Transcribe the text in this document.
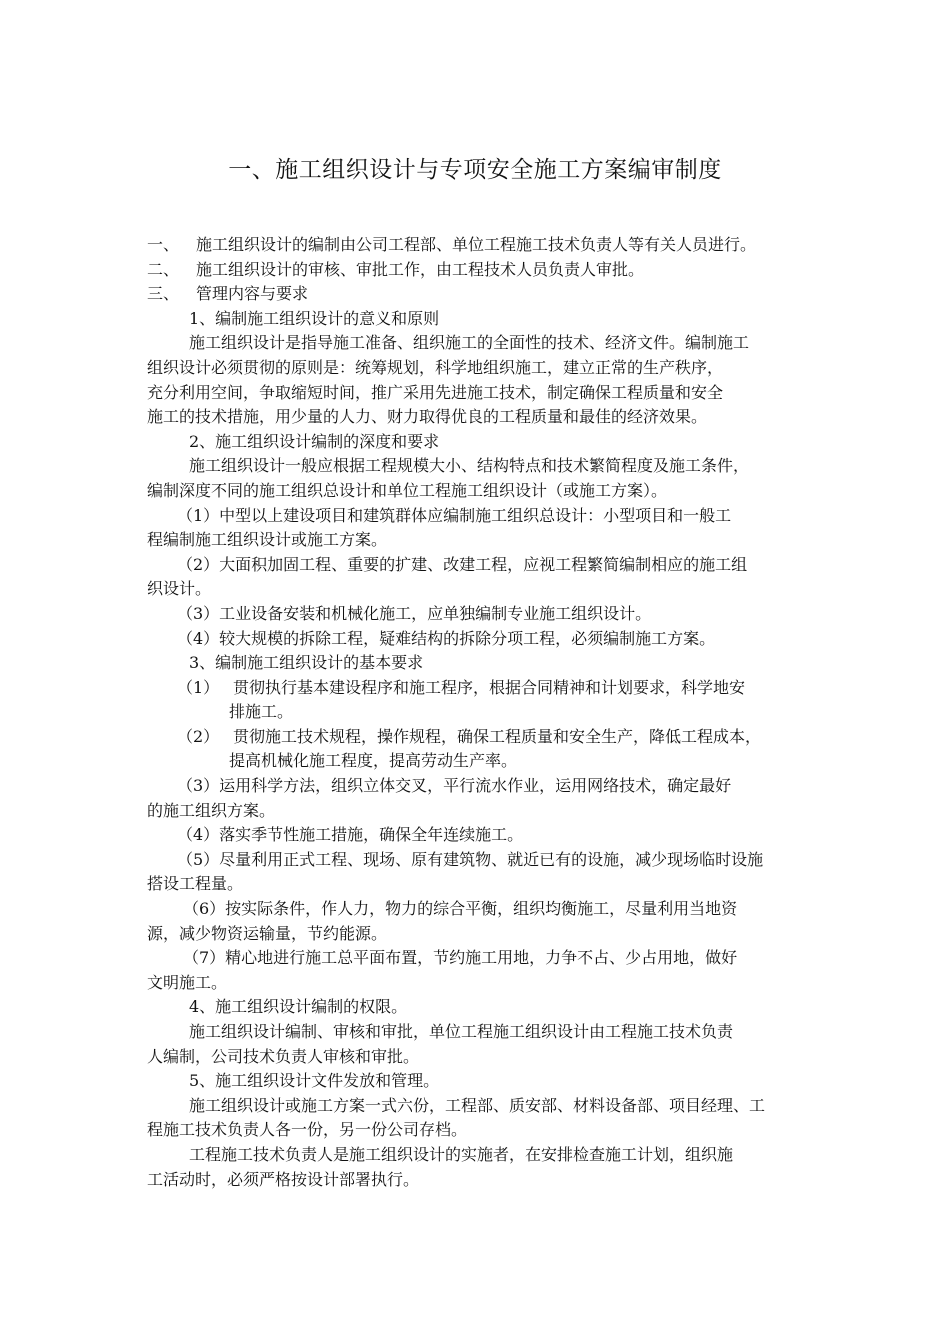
一、施工组织设计与专项安全施工方案编审制度
一、 施工组织设计的编制由公司工程部、单位工程施工技术负责人等有关人员进行。
二、 施工组织设计的审核、审批工作，由工程技术人员负责人审批。
三、 管理内容与要求
1、编制施工组织设计的意义和原则
施工组织设计是指导施工准备、组织施工的全面性的技术、经济文件。编制施工
组织设计必须贯彻的原则是：统筹规划，科学地组织施工，建立正常的生产秩序，
充分利用空间，争取缩短时间，推广采用先进施工技术，制定确保工程质量和安全
施工的技术措施，用少量的人力、财力取得优良的工程质量和最佳的经济效果。
2、施工组织设计编制的深度和要求
施工组织设计一般应根据工程规模大小、结构特点和技术繁简程度及施工条件，
编制深度不同的施工组织总设计和单位工程施工组织设计（或施工方案）。
（1）中型以上建设项目和建筑群体应编制施工组织总设计：小型项目和一般工
程编制施工组织设计或施工方案。
（2）大面积加固工程、重要的扩建、改建工程，应视工程繁简编制相应的施工组
织设计。
（3）工业设备安装和机械化施工，应单独编制专业施工组织设计。
（4）较大规模的拆除工程，疑难结构的拆除分项工程，必须编制施工方案。
3、编制施工组织设计的基本要求
（1） 贯彻执行基本建设程序和施工程序，根据合同精神和计划要求，科学地安
排施工。
（2） 贯彻施工技术规程，操作规程，确保工程质量和安全生产，降低工程成本，
提高机械化施工程度，提高劳动生产率。
（3）运用科学方法，组织立体交叉，平行流水作业，运用网络技术，确定最好
的施工组织方案。
（4）落实季节性施工措施，确保全年连续施工。
（5）尽量利用正式工程、现场、原有建筑物、就近已有的设施，减少现场临时设施
搭设工程量。
（6）按实际条件，作人力，物力的综合平衡，组织均衡施工，尽量利用当地资
源，减少物资运输量，节约能源。
（7）精心地进行施工总平面布置，节约施工用地，力争不占、少占用地，做好
文明施工。
4、施工组织设计编制的权限。
施工组织设计编制、审核和审批，单位工程施工组织设计由工程施工技术负责
人编制，公司技术负责人审核和审批。
5、施工组织设计文件发放和管理。
施工组织设计或施工方案一式六份，工程部、质安部、材料设备部、项目经理、工
程施工技术负责人各一份，另一份公司存档。
工程施工技术负责人是施工组织设计的实施者，在安排检查施工计划，组织施
工活动时，必须严格按设计部署执行。
